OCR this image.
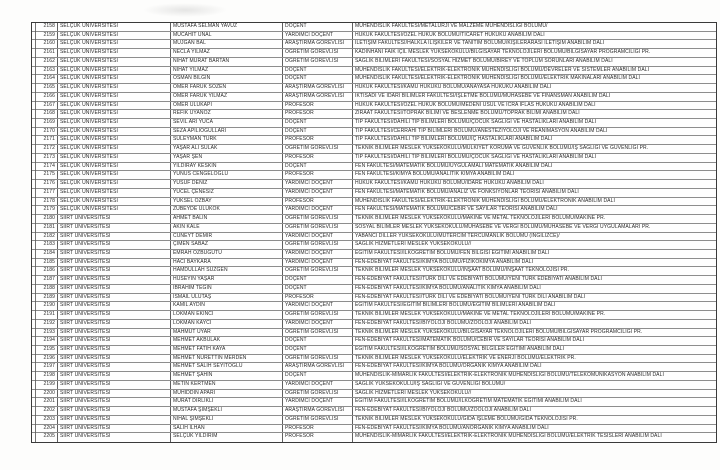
2158	SELÇUK ÜNİVERSİTESİ	MUSTAFA SELMAN YAVUZ	DOÇENT	MÜHENDİSLİK FAKÜLTESİ/METALURJİ VE MALZEME MÜHENDİSLİĞİ BÖLÜMÜ/
2159	SELÇUK ÜNİVERSİTESİ	MÜCAHİT ÜNAL	YARDIMCI DOÇENT	HUKUK FAKÜLTESİ/ÖZEL HUKUK BÖLÜMÜ/TİCARET HUKUKU ANABİLİM DALI
2160	SELÇUK ÜNİVERSİTESİ	MÜJGAN BAL	ARAŞTIRMA GÖREVLİSİ	İLETİŞİM FAKÜLTESİ/HALKLA İLİŞKİLER VE TANITIM BÖLÜMÜ/KİŞİLERARASI İLETİŞİM ANABİLİM DALI
2161	SELÇUK ÜNİVERSİTESİ	NECLA YILMAZ	ÖĞRETİM GÖREVLİSİ	KADINHANI FAİK İÇİL MESLEK YÜKSEKOKULU/BİLGİSAYAR TEKNOLOJİLERİ BÖLÜMÜ/BİLGİSAYAR PROGRAMCILIĞI PR.
2162	SELÇUK ÜNİVERSİTESİ	NİHAT MURAT BARTAN	ÖĞRETİM GÖREVLİSİ	SAĞLIK BİLİMLERİ FAKÜLTESİ/SOSYAL HİZMET BÖLÜMÜ/BİREY VE TOPLUM SORUNLARI ANABİLİM DALI
2163	SELÇUK ÜNİVERSİTESİ	NİHAT YILMAZ	DOÇENT	MÜHENDİSLİK FAKÜLTESİ/ELEKTRİK-ELEKTRONİK MÜHENDİSLİĞİ BÖLÜMÜ/DEVRELER VE SİSTEMLER ANABİLİM DALI
2164	SELÇUK ÜNİVERSİTESİ	OSMAN BİLGİN	DOÇENT	MÜHENDİSLİK FAKÜLTESİ/ELEKTRİK-ELEKTRONİK MÜHENDİSLİĞİ BÖLÜMÜ/ELEKTRİK MAKİNALARI ANABİLİM DALI
2165	SELÇUK ÜNİVERSİTESİ	ÖMER FARUK SÖZEN	ARAŞTIRMA GÖREVLİSİ	HUKUK FAKÜLTESİ/KAMU HUKUKU BÖLÜMÜ/ANAYASA HUKUKU ANABİLİM DALI
2166	SELÇUK ÜNİVERSİTESİ	ÖMER FARUK YILMAZ	ARAŞTIRMA GÖREVLİSİ	İKTİSADİ VE İDARİ BİLİMLER FAKÜLTESİ/İŞLETME BÖLÜMÜ/MUHASEBE VE FİNANSMAN ANABİLİM DALI
2167	SELÇUK ÜNİVERSİTESİ	ÖMER ULUKAPI	PROFESÖR	HUKUK FAKÜLTESİ/ÖZEL HUKUK BÖLÜMÜ/MEDENİ USUL VE İCRA İFLAS HUKUKU ANABİLİM DALI
2168	SELÇUK ÜNİVERSİTESİ	REFİK UYANÖZ	PROFESÖR	ZİRAAT FAKÜLTESİ/TOPRAK BİLİMİ VE BESLENME BÖLÜMÜ/TOPRAK BİLİMİ ANABİLİM DALI
2169	SELÇUK ÜNİVERSİTESİ	SEVİL ARI YUCA	DOÇENT	TIP FAKÜLTESİ/DAHİLİ TIP BİLİMLERİ BÖLÜMÜ/ÇOCUK SAĞLIĞI VE HASTALIKLARI ANABİLİM DALI
2170	SELÇUK ÜNİVERSİTESİ	SEZA APİLİOĞULLARI	DOÇENT	TIP FAKÜLTESİ/CERRAHİ TIP BİLİMLERİ BÖLÜMÜ/ANESTEZİYOLOJİ VE REANİMASYON ANABİLİM DALI
2171	SELÇUK ÜNİVERSİTESİ	SÜLEYMAN TÜRK	PROFESÖR	TIP FAKÜLTESİ/DAHİLİ TIP BİLİMLERİ BÖLÜMÜ/İÇ HASTALIKLARI ANABİLİM DALI
2172	SELÇUK ÜNİVERSİTESİ	YAŞAR ALİ SULAK	ÖĞRETİM GÖREVLİSİ	TEKNİK BİLİMLER MESLEK YÜKSEKOKULU/MÜLKİYET KORUMA VE GÜVENLİK BÖLÜMÜ/İŞ SAĞLIĞI VE GÜVENLİĞİ PR.
2173	SELÇUK ÜNİVERSİTESİ	YAŞAR ŞEN	PROFESÖR	TIP FAKÜLTESİ/DAHİLİ TIP BİLİMLERİ BÖLÜMÜ/ÇOCUK SAĞLIĞI VE HASTALIKLARI ANABİLİM DALI
2174	SELÇUK ÜNİVERSİTESİ	YILDIRAY KESKİN	DOÇENT	FEN FAKÜLTESİ/MATEMATİK BÖLÜMÜ/UYGULAMALI MATEMATİK ANABİLİM DALI
2175	SELÇUK ÜNİVERSİTESİ	YUNUS CENGELOĞLU	PROFESÖR	FEN FAKÜLTESİ/KİMYA BÖLÜMÜ/ANALİTİK KİMYA ANABİLİM DALI
2176	SELÇUK ÜNİVERSİTESİ	YUSUF DENİZ	YARDIMCI DOÇENT	HUKUK FAKÜLTESİ/KAMU HUKUKU BÖLÜMÜ/İDARE HUKUKU ANABİLİM DALI
2177	SELÇUK ÜNİVERSİTESİ	YÜCEL ÇENESİZ	YARDIMCI DOÇENT	FEN FAKÜLTESİ/MATEMATİK BÖLÜMÜ/ANALİZ VE FONKSİYONLAR TEORİSİ ANABİLİM DALI
2178	SELÇUK ÜNİVERSİTESİ	YÜKSEL ÖZBAY	PROFESÖR	MÜHENDİSLİK FAKÜLTESİ/ELEKTRİK-ELEKTRONİK MÜHENDİSLİĞİ BÖLÜMÜ/ELEKTRONİK ANABİLİM DALI
2179	SELÇUK ÜNİVERSİTESİ	ZÜBEYDE ULUKÖK	YARDIMCI DOÇENT	FEN FAKÜLTESİ/MATEMATİK BÖLÜMÜ/CEBİR VE SAYILAR TEORİSİ ANABİLİM DALI
2180	SİİRT ÜNİVERSİTESİ	AHMET BALIN	ÖĞRETİM GÖREVLİSİ	TEKNİK BİLİMLER MESLEK YÜKSEKOKULU/MAKİNE VE METAL TEKNOLOJİLERİ BÖLÜMÜ/MAKİNE PR.
2181	SİİRT ÜNİVERSİTESİ	AKIN KALE	ÖĞRETİM GÖREVLİSİ	SOSYAL BİLİMLER MESLEK YÜKSEKOKULU/MUHASEBE VE VERGİ BÖLÜMÜ/MUHASEBE VE VERGİ UYGULAMALARI PR.
2182	SİİRT ÜNİVERSİTESİ	CÜNEYT DEMİR	YARDIMCI DOÇENT	YABANCI DİLLER YÜKSEKOKULU/MÜTERCİM TERCÜMANLIK BÖLÜMÜ (İNGİLİZCE)/
2183	SİİRT ÜNİVERSİTESİ	ÇİMEN SABAZ	ÖĞRETİM GÖREVLİSİ	SAĞLIK HİZMETLERİ MESLEK YÜKSEKOKULU//
2184	SİİRT ÜNİVERSİTESİ	EMRAH ÖZBUĞUTU	YARDIMCI DOÇENT	EĞİTİM FAKÜLTESİ/İLKÖĞRETİM BÖLÜMÜ/FEN BİLGİSİ EĞİTİMİ ANABİLİM DALI
2185	SİİRT ÜNİVERSİTESİ	HACI BAYKARA	YARDIMCI DOÇENT	FEN-EDEBİYAT FAKÜLTESİ/KİMYA BÖLÜMÜ/FİZİKOKİMYA ANABİLİM DALI
2186	SİİRT ÜNİVERSİTESİ	HAMDULLAH SÜZGEN	ÖĞRETİM GÖREVLİSİ	TEKNİK BİLİMLER MESLEK YÜKSEKOKULU/İNŞAAT BÖLÜMÜ/İNŞAAT TEKNOLOJİSİ PR.
2187	SİİRT ÜNİVERSİTESİ	HÜSEYİN YAŞAR	DOÇENT	FEN-EDEBİYAT FAKÜLTESİ/TÜRK DİLİ VE EDEBİYATI BÖLÜMÜ/YENİ TÜRK EDEBİYATI ANABİLİM DALI
2188	SİİRT ÜNİVERSİTESİ	İBRAHİM TEĞİN	DOÇENT	FEN-EDEBİYAT FAKÜLTESİ/KİMYA BÖLÜMÜ/ANALİTİK KİMYA ANABİLİM DALI
2189	SİİRT ÜNİVERSİTESİ	İSMAİL ULUTAŞ	PROFESÖR	FEN-EDEBİYAT FAKÜLTESİ/TÜRK DİLİ VE EDEBİYATI BÖLÜMÜ/YENİ TÜRK DİLİ ANABİLİM DALI
2190	SİİRT ÜNİVERSİTESİ	KAMİL AYDIN	YARDIMCI DOÇENT	EĞİTİM FAKÜLTESİ/EĞİTİM BİLİMLERİ BÖLÜMÜ/EĞİTİM BİLİMLERİ ANABİLİM DALI
2191	SİİRT ÜNİVERSİTESİ	LOKMAN EKİNCİ	ÖĞRETİM GÖREVLİSİ	TEKNİK BİLİMLER MESLEK YÜKSEKOKULU/MAKİNE VE METAL TEKNOLOJİLERİ BÖLÜMÜ/MAKİNE PR.
2192	SİİRT ÜNİVERSİTESİ	LOKMAN KAYCİ	YARDIMCI DOÇENT	FEN-EDEBİYAT FAKÜLTESİ/BİYOLOJİ BÖLÜMÜ/ZOOLOJİ ANABİLİM DALI
2193	SİİRT ÜNİVERSİTESİ	MAHMUT UYAR	ÖĞRETİM GÖREVLİSİ	TEKNİK BİLİMLER MESLEK YÜKSEKOKULU/BİLGİSAYAR TEKNOLOJİLERİ BÖLÜMÜ/BİLGİSAYAR PROGRAMCILIĞI PR.
2194	SİİRT ÜNİVERSİTESİ	MEHMET AKBULAK	DOÇENT	FEN-EDEBİYAT FAKÜLTESİ/MATEMATİK BÖLÜMÜ/CEBİR VE SAYILAR TEORİSİ ANABİLİM DALI
2195	SİİRT ÜNİVERSİTESİ	MEHMET FATİH KAYA	DOÇENT	EĞİTİM FAKÜLTESİ/İLKÖĞRETİM BÖLÜMÜ/SOSYAL BİLGİLER EĞİTİMİ ANABİLİM DALI
2196	SİİRT ÜNİVERSİTESİ	MEHMET NURETTİN MERDEN	ÖĞRETİM GÖREVLİSİ	TEKNİK BİLİMLER MESLEK YÜKSEKOKULU/ELEKTRİK VE ENERJİ BÖLÜMÜ/ELEKTRİK PR.
2197	SİİRT ÜNİVERSİTESİ	MEHMET SALİH SEYİTOĞLU	ARAŞTIRMA GÖREVLİSİ	FEN-EDEBİYAT FAKÜLTESİ/KİMYA BÖLÜMÜ/ORGANİK KİMYA ANABİLİM DALI
2198	SİİRT ÜNİVERSİTESİ	MEHMET ŞAHİN	DOÇENT	MÜHENDİSLİK-MİMARLIK FAKÜLTESİ/ELEKTRİK-ELEKTRONİK MÜHENDİSLİĞİ BÖLÜMÜ/TELEKOMÜNİKASYON ANABİLİM DALI
2199	SİİRT ÜNİVERSİTESİ	METİN KERTMEN	YARDIMCI DOÇENT	SAĞLIK YÜKSEKOKULU/İŞ SAĞLIĞI VE GÜVENLİĞİ BÖLÜMÜ/
2200	SİİRT ÜNİVERSİTESİ	MUHİDDİN APARİ	ÖĞRETİM GÖREVLİSİ	SAĞLIK HİZMETLERİ MESLEK YÜKSEKOKULU//
2201	SİİRT ÜNİVERSİTESİ	MURAT DİRLİKLİ	YARDIMCI DOÇENT	EĞİTİM FAKÜLTESİ/İLKÖĞRETİM BÖLÜMÜ/İLKÖĞRETİM MATEMATİK EĞİTİMİ ANABİLİM DALI
2202	SİİRT ÜNİVERSİTESİ	MUSTAFA ŞİMŞEKLİ	ARAŞTIRMA GÖREVLİSİ	FEN-EDEBİYAT FAKÜLTESİ/BİYOLOJİ BÖLÜMÜ/ZOOLOJİ ANABİLİM DALI
2203	SİİRT ÜNİVERSİTESİ	NİHAL ŞİMŞEKLİ	ÖĞRETİM GÖREVLİSİ	TEKNİK BİLİMLER MESLEK YÜKSEKOKULU/GIDA İŞLEME BÖLÜMÜ/GIDA TEKNOLOJİSİ PR.
2204	SİİRT ÜNİVERSİTESİ	SALİH İLHAN	PROFESÖR	FEN-EDEBİYAT FAKÜLTESİ/KİMYA BÖLÜMÜ/ANORGANİK KİMYA ANABİLİM DALI
2205	SİİRT ÜNİVERSİTESİ	SELÇUK YILDIRIM	PROFESÖR	MÜHENDİSLİK-MİMARLIK FAKÜLTESİ/ELEKTRİK-ELEKTRONİK MÜHENDİSLİĞİ BÖLÜMÜ/ELEKTRİK TESİSLERİ ANABİLİM DALI
